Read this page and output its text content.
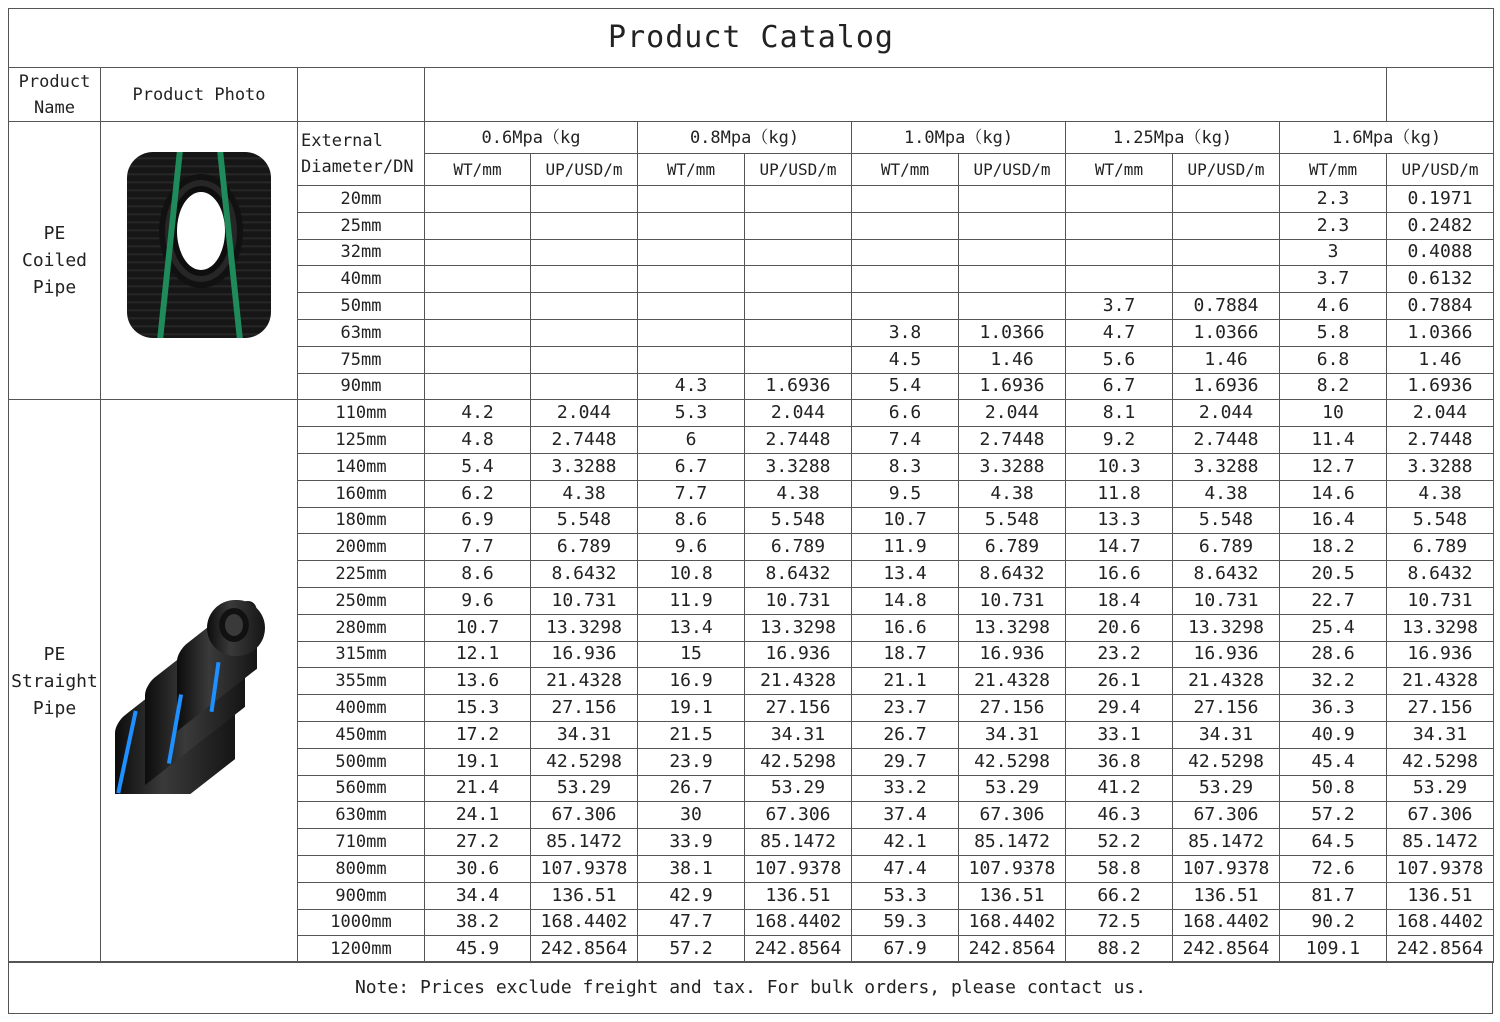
Product Catalog												
Product Name	Product Photo											
PE Coiled Pipe		External Diameter/DN	0.6Mpa（kg		0.8Mpa（kg)		1.0Mpa（kg)		1.25Mpa（kg)		1.6Mpa（kg)	
			WT/mm	UP/USD/m	WT/mm	UP/USD/m	WT/mm	UP/USD/m	WT/mm	UP/USD/m	WT/mm	UP/USD/m
		20mm									2.3	0.1971
		25mm									2.3	0.2482
		32mm									3	0.4088
		40mm									3.7	0.6132
		50mm							3.7	0.7884	4.6	0.7884
		63mm					3.8	1.0366	4.7	1.0366	5.8	1.0366
		75mm					4.5	1.46	5.6	1.46	6.8	1.46
		90mm			4.3	1.6936	5.4	1.6936	6.7	1.6936	8.2	1.6936
PE Straight Pipe		110mm	4.2	2.044	5.3	2.044	6.6	2.044	8.1	2.044	10	2.044
		125mm	4.8	2.7448	6	2.7448	7.4	2.7448	9.2	2.7448	11.4	2.7448
		140mm	5.4	3.3288	6.7	3.3288	8.3	3.3288	10.3	3.3288	12.7	3.3288
		160mm	6.2	4.38	7.7	4.38	9.5	4.38	11.8	4.38	14.6	4.38
		180mm	6.9	5.548	8.6	5.548	10.7	5.548	13.3	5.548	16.4	5.548
		200mm	7.7	6.789	9.6	6.789	11.9	6.789	14.7	6.789	18.2	6.789
		225mm	8.6	8.6432	10.8	8.6432	13.4	8.6432	16.6	8.6432	20.5	8.6432
		250mm	9.6	10.731	11.9	10.731	14.8	10.731	18.4	10.731	22.7	10.731
		280mm	10.7	13.3298	13.4	13.3298	16.6	13.3298	20.6	13.3298	25.4	13.3298
		315mm	12.1	16.936	15	16.936	18.7	16.936	23.2	16.936	28.6	16.936
		355mm	13.6	21.4328	16.9	21.4328	21.1	21.4328	26.1	21.4328	32.2	21.4328
		400mm	15.3	27.156	19.1	27.156	23.7	27.156	29.4	27.156	36.3	27.156
		450mm	17.2	34.31	21.5	34.31	26.7	34.31	33.1	34.31	40.9	34.31
		500mm	19.1	42.5298	23.9	42.5298	29.7	42.5298	36.8	42.5298	45.4	42.5298
		560mm	21.4	53.29	26.7	53.29	33.2	53.29	41.2	53.29	50.8	53.29
		630mm	24.1	67.306	30	67.306	37.4	67.306	46.3	67.306	57.2	67.306
		710mm	27.2	85.1472	33.9	85.1472	42.1	85.1472	52.2	85.1472	64.5	85.1472
		800mm	30.6	107.9378	38.1	107.9378	47.4	107.9378	58.8	107.9378	72.6	107.9378
		900mm	34.4	136.51	42.9	136.51	53.3	136.51	66.2	136.51	81.7	136.51
		1000mm	38.2	168.4402	47.7	168.4402	59.3	168.4402	72.5	168.4402	90.2	168.4402
		1200mm	45.9	242.8564	57.2	242.8564	67.9	242.8564	88.2	242.8564	109.1	242.8564
Note: Prices exclude freight and tax. For bulk orders, please contact us.
